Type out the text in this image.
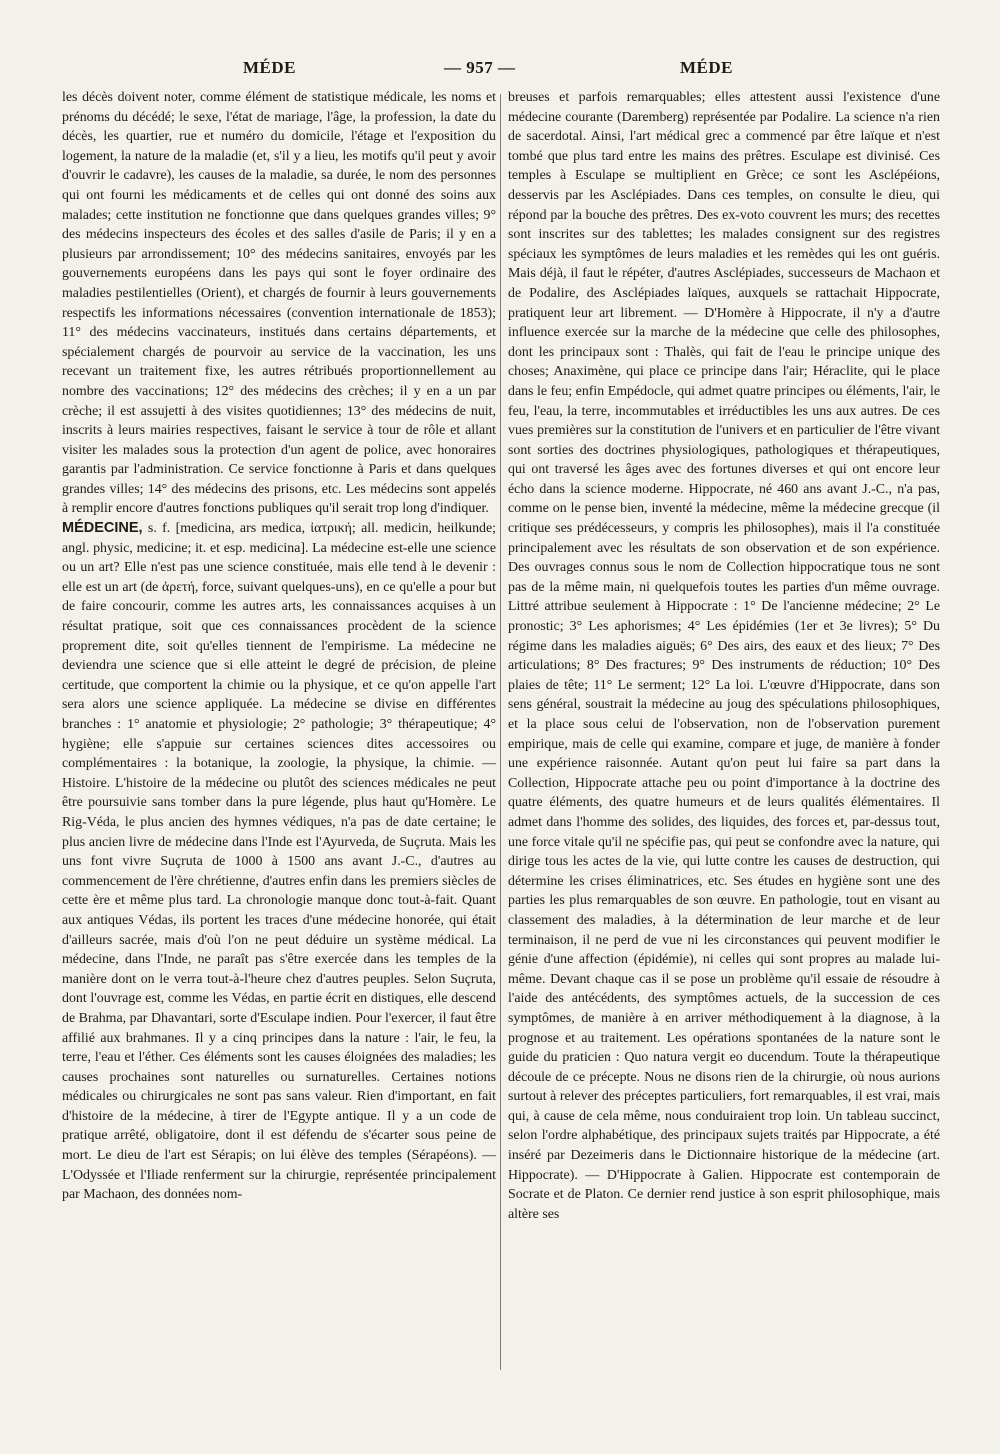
MÉDE	— 957 —	MÉDE

les décès doivent noter, comme élément de statistique médicale, les noms et prénoms du décédé; le sexe, l'état de mariage, l'âge, la profession, la date du décès, les quartier, rue et numéro du domicile, l'étage et l'exposition du logement, la nature de la maladie (et, s'il y a lieu, les motifs qu'il peut y avoir d'ouvrir le cadavre), les causes de la maladie, sa durée, le nom des personnes qui ont fourni les médicaments et de celles qui ont donné des soins aux malades; cette institution ne fonctionne que dans quelques grandes villes; 9° des médecins inspecteurs des écoles et des salles d'asile de Paris; il y en a plusieurs par arrondissement; 10° des médecins sanitaires, envoyés par les gouvernements européens dans les pays qui sont le foyer ordinaire des maladies pestilentielles (Orient), et chargés de fournir à leurs gouvernements respectifs les informations nécessaires (convention internationale de 1853); 11° des médecins vaccinateurs, institués dans certains départements, et spécialement chargés de pourvoir au service de la vaccination, les uns recevant un traitement fixe, les autres rétribués proportionnellement au nombre des vaccinations; 12° des médecins des crèches; il y en a un par crèche; il est assujetti à des visites quotidiennes; 13° des médecins de nuit, inscrits à leurs mairies respectives, faisant le service à tour de rôle et allant visiter les malades sous la protection d'un agent de police, avec honoraires garantis par l'administration. Ce service fonctionne à Paris et dans quelques grandes villes; 14° des médecins des prisons, etc. Les médecins sont appelés à remplir encore d'autres fonctions publiques qu'il serait trop long d'indiquer.

MÉDECINE, s. f. [medicina, ars medica, ἰατρική; all. medicin, heilkunde; angl. physic, medicine; it. et esp. medicina]. La médecine est-elle une science ou un art? Elle n'est pas une science constituée, mais elle tend à le devenir : elle est un art (de ἀρετή, force, suivant quelques-uns), en ce qu'elle a pour but de faire concourir, comme les autres arts, les connaissances acquises à un résultat pratique, soit que ces connaissances procèdent de la science proprement dite, soit qu'elles tiennent de l'empirisme. La médecine ne deviendra une science que si elle atteint le degré de précision, de pleine certitude, que comportent la chimie ou la physique, et ce qu'on appelle l'art sera alors une science appliquée. La médecine se divise en différentes branches : 1° anatomie et physiologie; 2° pathologie; 3° thérapeutique; 4° hygiène; elle s'appuie sur certaines sciences dites accessoires ou complémentaires : la botanique, la zoologie, la physique, la chimie. — Histoire. L'histoire de la médecine ou plutôt des sciences médicales ne peut être poursuivie sans tomber dans la pure légende, plus haut qu'Homère. Le Rig-Véda, le plus ancien des hymnes védiques, n'a pas de date certaine; le plus ancien livre de médecine dans l'Inde est l'Ayurveda, de Suçruta. Mais les uns font vivre Suçruta de 1000 à 1500 ans avant J.-C., d'autres au commencement de l'ère chrétienne, d'autres enfin dans les premiers siècles de cette ère et même plus tard. La chronologie manque donc tout-à-fait. Quant aux antiques Védas, ils portent les traces d'une médecine honorée, qui était d'ailleurs sacrée, mais d'où l'on ne peut déduire un système médical. La médecine, dans l'Inde, ne paraît pas s'être exercée dans les temples de la manière dont on le verra tout-à-l'heure chez d'autres peuples. Selon Suçruta, dont l'ouvrage est, comme les Védas, en partie écrit en distiques, elle descend de Brahma, par Dhavantari, sorte d'Esculape indien. Pour l'exercer, il faut être affilié aux brahmanes. Il y a cinq principes dans la nature : l'air, le feu, la terre, l'eau et l'éther. Ces éléments sont les causes éloignées des maladies; les causes prochaines sont naturelles ou surnaturelles. Certaines notions médicales ou chirurgicales ne sont pas sans valeur. Rien d'important, en fait d'histoire de la médecine, à tirer de l'Egypte antique. Il y a un code de pratique arrêté, obligatoire, dont il est défendu de s'écarter sous peine de mort. Le dieu de l'art est Sérapis; on lui élève des temples (Sérapéons). — L'Odyssée et l'Iliade renferment sur la chirurgie, représentée principalement par Machaon, des données nom-

breuses et parfois remarquables; elles attestent aussi l'existence d'une médecine courante (Daremberg) représentée par Podalire. La science n'a rien de sacerdotal. Ainsi, l'art médical grec a commencé par être laïque et n'est tombé que plus tard entre les mains des prêtres. Esculape est divinisé. Ces temples à Esculape se multiplient en Grèce; ce sont les Asclépéions, desservis par les Asclépiades. Dans ces temples, on consulte le dieu, qui répond par la bouche des prêtres. Des ex-voto couvrent les murs; des recettes sont inscrites sur des tablettes; les malades consignent sur des registres spéciaux les symptômes de leurs maladies et les remèdes qui les ont guéris. Mais déjà, il faut le répéter, d'autres Asclépiades, successeurs de Machaon et de Podalire, des Asclépiades laïques, auxquels se rattachait Hippocrate, pratiquent leur art librement. — D'Homère à Hippocrate, il n'y a d'autre influence exercée sur la marche de la médecine que celle des philosophes, dont les principaux sont : Thalès, qui fait de l'eau le principe unique des choses; Anaximène, qui place ce principe dans l'air; Héraclite, qui le place dans le feu; enfin Empédocle, qui admet quatre principes ou éléments, l'air, le feu, l'eau, la terre, incommutables et irréductibles les uns aux autres. De ces vues premières sur la constitution de l'univers et en particulier de l'être vivant sont sorties des doctrines physiologiques, pathologiques et thérapeutiques, qui ont traversé les âges avec des fortunes diverses et qui ont encore leur écho dans la science moderne. Hippocrate, né 460 ans avant J.-C., n'a pas, comme on le pense bien, inventé la médecine, même la médecine grecque (il critique ses prédécesseurs, y compris les philosophes), mais il l'a constituée principalement avec les résultats de son observation et de son expérience. Des ouvrages connus sous le nom de Collection hippocratique tous ne sont pas de la même main, ni quelquefois toutes les parties d'un même ouvrage. Littré attribue seulement à Hippocrate : 1° De l'ancienne médecine; 2° Le pronostic; 3° Les aphorismes; 4° Les épidémies (1er et 3e livres); 5° Du régime dans les maladies aiguës; 6° Des airs, des eaux et des lieux; 7° Des articulations; 8° Des fractures; 9° Des instruments de réduction; 10° Des plaies de tête; 11° Le serment; 12° La loi. L'œuvre d'Hippocrate, dans son sens général, soustrait la médecine au joug des spéculations philosophiques, et la place sous celui de l'observation, non de l'observation purement empirique, mais de celle qui examine, compare et juge, de manière à fonder une expérience raisonnée. Autant qu'on peut lui faire sa part dans la Collection, Hippocrate attache peu ou point d'importance à la doctrine des quatre éléments, des quatre humeurs et de leurs qualités élémentaires. Il admet dans l'homme des solides, des liquides, des forces et, par-dessus tout, une force vitale qu'il ne spécifie pas, qui peut se confondre avec la nature, qui dirige tous les actes de la vie, qui lutte contre les causes de destruction, qui détermine les crises éliminatrices, etc. Ses études en hygiène sont une des parties les plus remarquables de son œuvre. En pathologie, tout en visant au classement des maladies, à la détermination de leur marche et de leur terminaison, il ne perd de vue ni les circonstances qui peuvent modifier le génie d'une affection (épidémie), ni celles qui sont propres au malade lui-même. Devant chaque cas il se pose un problème qu'il essaie de résoudre à l'aide des antécédents, des symptômes actuels, de la succession de ces symptômes, de manière à en arriver méthodiquement à la diagnose, à la prognose et au traitement. Les opérations spontanées de la nature sont le guide du praticien : Quo natura vergit eo ducendum. Toute la thérapeutique découle de ce précepte. Nous ne disons rien de la chirurgie, où nous aurions surtout à relever des préceptes particuliers, fort remarquables, il est vrai, mais qui, à cause de cela même, nous conduiraient trop loin. Un tableau succinct, selon l'ordre alphabétique, des principaux sujets traités par Hippocrate, a été inséré par Dezeimeris dans le Dictionnaire historique de la médecine (art. Hippocrate). — D'Hippocrate à Galien. Hippocrate est contemporain de Socrate et de Platon. Ce dernier rend justice à son esprit philosophique, mais altère ses
